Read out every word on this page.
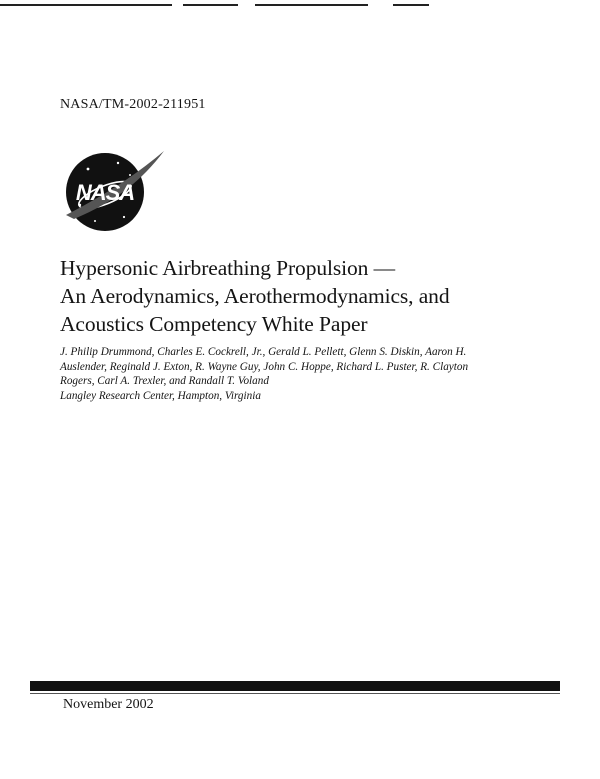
NASA/TM-2002-211951
NASA
Hypersonic Airbreathing Propulsion —
An Aerodynamics, Aerothermodynamics, and
Acoustics Competency White Paper
J. Philip Drummond, Charles E. Cockrell, Jr., Gerald L. Pellett, Glenn S. Diskin, Aaron H.
Auslender, Reginald J. Exton, R. Wayne Guy, John C. Hoppe, Richard L. Puster, R. Clayton
Rogers, Carl A. Trexler, and Randall T. Voland
Langley Research Center, Hampton, Virginia
November 2002
